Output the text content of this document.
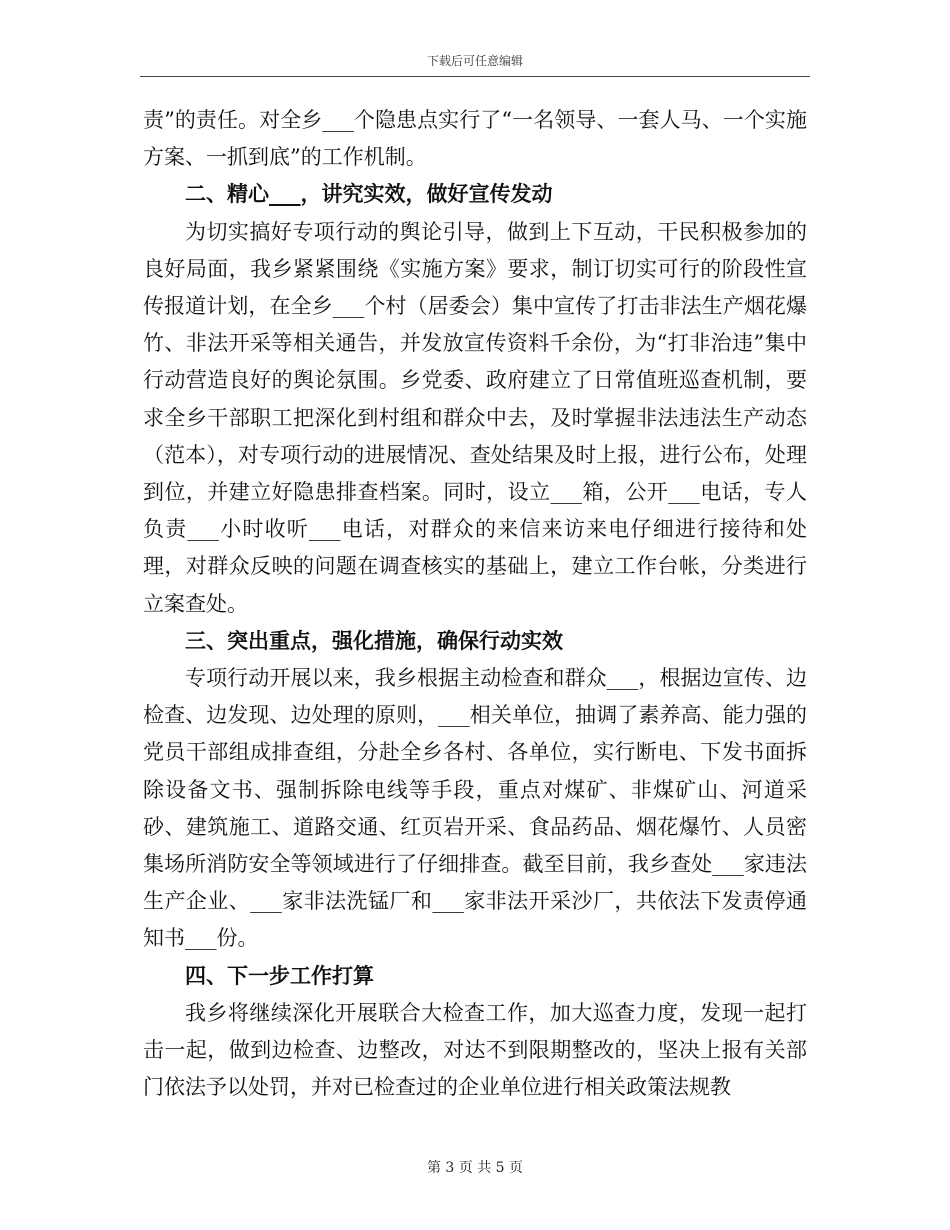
下载后可任意编辑

责”的责任。对全乡___个隐患点实行了“一名领导、一套人马、一个实施方案、一抓到底”的工作机制。

二、精心___，讲究实效，做好宣传发动

为切实搞好专项行动的舆论引导，做到上下互动，干民积极参加的良好局面，我乡紧紧围绕《实施方案》要求，制订切实可行的阶段性宣传报道计划，在全乡___个村（居委会）集中宣传了打击非法生产烟花爆竹、非法开采等相关通告，并发放宣传资料千余份，为“打非治违”集中行动营造良好的舆论氛围。乡党委、政府建立了日常值班巡查机制，要求全乡干部职工把深化到村组和群众中去，及时掌握非法违法生产动态（范本），对专项行动的进展情况、查处结果及时上报，进行公布，处理到位，并建立好隐患排查档案。同时，设立___箱，公开___电话，专人负责___小时收听___电话，对群众的来信来访来电仔细进行接待和处理，对群众反映的问题在调查核实的基础上，建立工作台帐，分类进行立案查处。

三、突出重点，强化措施，确保行动实效

专项行动开展以来，我乡根据主动检查和群众___，根据边宣传、边检查、边发现、边处理的原则，___相关单位，抽调了素养高、能力强的党员干部组成排查组，分赴全乡各村、各单位，实行断电、下发书面拆除设备文书、强制拆除电线等手段，重点对煤矿、非煤矿山、河道采砂、建筑施工、道路交通、红页岩开采、食品药品、烟花爆竹、人员密集场所消防安全等领域进行了仔细排查。截至目前，我乡查处___家违法生产企业、___家非法洗锰厂和___家非法开采沙厂，共依法下发责停通知书___份。

四、下一步工作打算

我乡将继续深化开展联合大检查工作，加大巡查力度，发现一起打击一起，做到边检查、边整改，对达不到限期整改的，坚决上报有关部门依法予以处罚，并对已检查过的企业单位进行相关政策法规教

第 3 页 共 5 页
